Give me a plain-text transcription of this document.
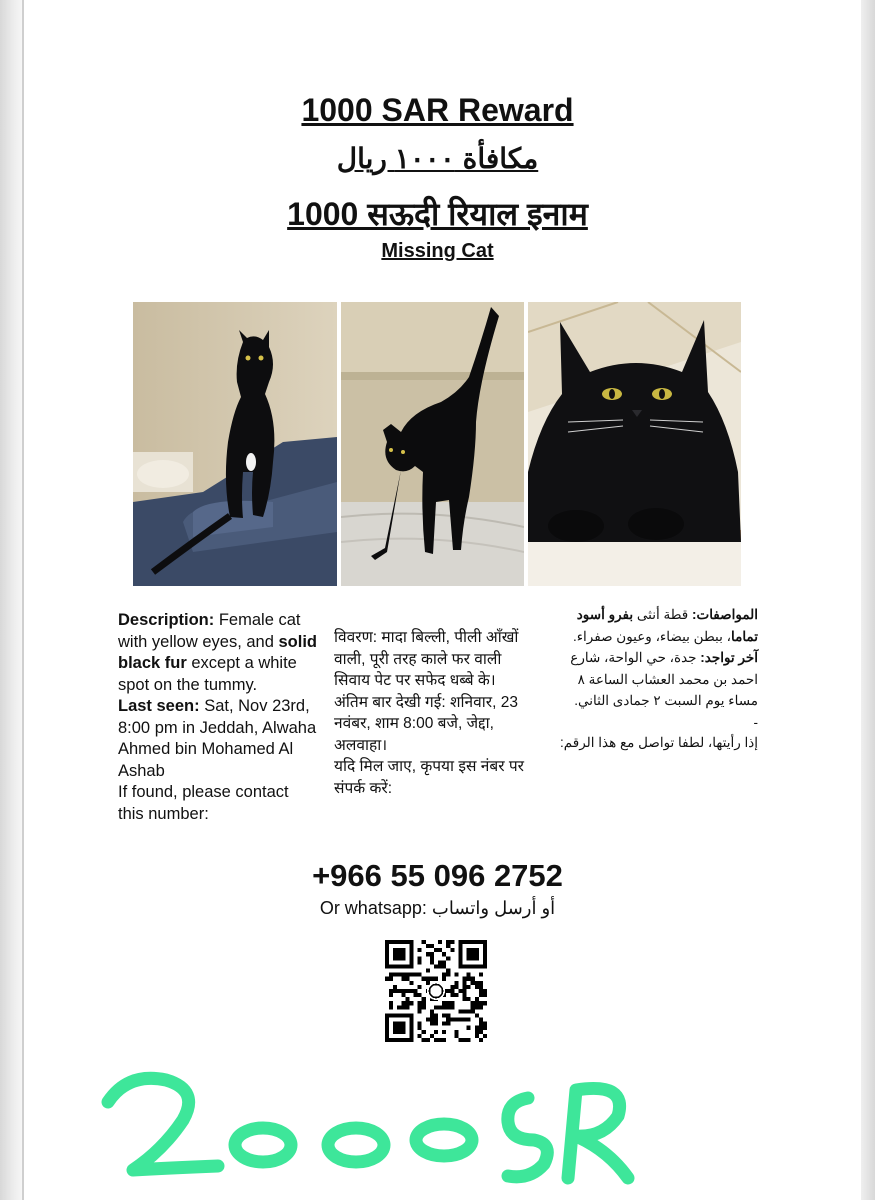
1000 SAR Reward
مكافأة ١٠٠٠ ريال
1000 सऊदी रियाल इनाम
Missing Cat

Description: Female cat with yellow eyes, and solid black fur except a white spot on the tummy.

Last seen: Sat, Nov 23rd, 8:00 pm in Jeddah, Alwaha Ahmed bin Mohamed Al Ashab

If found, please contact this number:

विवरण: मादा बिल्ली, पीली आँखों वाली, पूरी तरह काले फर वाली सिवाय पेट पर सफेद धब्बे के।

अंतिम बार देखी गई: शनिवार, 23 नवंबर, शाम 8:00 बजे, जेद्दा, अलवाहा।

यदि मिल जाए, कृपया इस नंबर पर संपर्क करें:

المواصفات: قطة أنثى بفرو أسود تماما، ببطن بيضاء، وعيون صفراء.

آخر تواجد: جدة، حي الواحة، شارع احمد بن محمد العشاب الساعة ٨ مساء يوم السبت ٢ جمادى الثاني.

-

إذا رأيتها، لطفا تواصل مع هذا الرقم:

+966 55 096 2752
Or whatsapp: أو أرسل واتساب
